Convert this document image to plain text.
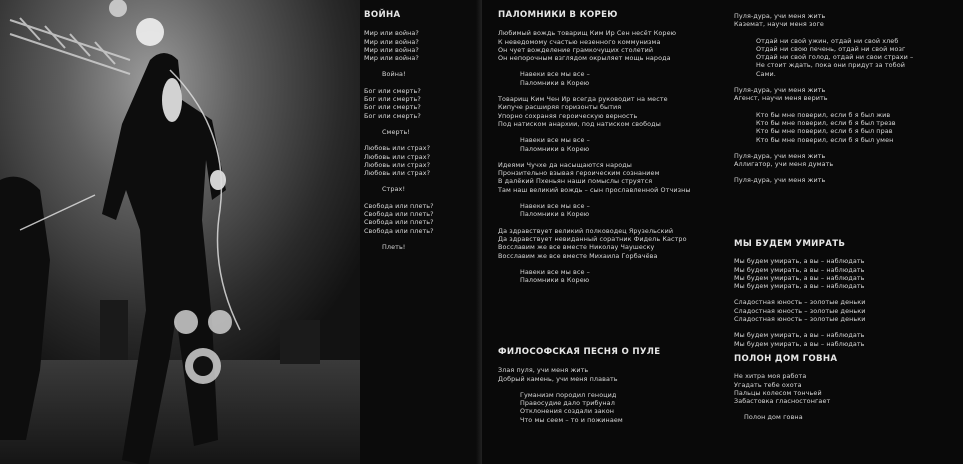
ВОЙНА

Мир или война?

Мир или война?

Мир или война?

Мир или война?

Война!

Бог или смерть?

Бог или смерть?

Бог или смерть?

Бог или смерть?

Смерть!

Любовь или страх?

Любовь или страх?

Любовь или страх?

Любовь или страх?

Страх!

Свобода или плеть?

Свобода или плеть?

Свобода или плеть?

Свобода или плеть?

Плеть!

ПАЛОМНИКИ В КОРЕЮ

Любимый вождь товарищ Ким Ир Сен несёт Корею

К неведомому счастью незенного коммунизма

Он чует вожделение грамкочущих столетий

Он непорочным взглядом окрыляет мощь народа

Навеки все мы все –

Паломники в Корею

Товарищ Ким Чен Ир всегда руководит на месте

Кипуче расширяя горизонты бытия

Упорно сохраняя героическую верность

Под натиском анархии, под натиском свободы

Навеки все мы все –

Паломники в Корею

Идеями Чучхе да насыщаются народы

Пронзительно взывая героическим сознанием

В далёкий Пхеньян наши помыслы струятся

Там наш великий вождь – сын прославленной Отчизны

Навеки все мы все –

Паломники в Корею

Да здравствует великий полководец Ярузельский

Да здравствует невиданный соратник Фидель Кастро

Восславим же все вместе Николау Чаушеску

Восславим же все вместе Михаила Горбачёва

Навеки все мы все –

Паломники в Корею

ФИЛОСОФСКАЯ ПЕСНЯ О ПУЛЕ

Злая пуля, учи меня жить

Добрый камень, учи меня плавать

Гуманизм породил геноцид

Правосудие дало трибунал

Отклонения создали закон

Что мы сеем – то и пожинаем

Пуля-дура, учи меня жить

Каземат, научи меня зоге

Отдай ни свой ужин, отдай ни свой хлеб

Отдай ни свою печень, отдай ни свой мозг

Отдай ни свой голод, отдай ни свои страхи –

Не стоит ждать, пока они придут за тобой

Сами.

Пуля-дура, учи меня жить

Агенст, научи меня верить

Кто бы мне поверил, если б я был жив

Кто бы мне поверил, если б я был трезв

Кто бы мне поверил, если б я был прав

Кто бы мне поверил, если б я был умен

Пуля-дура, учи меня жить

Аллигатор, учи меня думать

Пуля-дура, учи меня жить

МЫ БУДЕМ УМИРАТЬ

Мы будем умирать, а вы – наблюдать

Мы будем умирать, а вы – наблюдать

Мы будем умирать, а вы – наблюдать

Мы будем умирать, а вы – наблюдать

Сладостная юность – золотые деньки

Сладостная юность – золотые деньки

Сладостная юность – золотые деньки

Мы будем умирать, а вы – наблюдать

Мы будем умирать, а вы – наблюдать

ПОЛОН ДОМ ГОВНА

Не хитра моя работа

Угадать тебе охота

Пальцы колесом тончьей

Забастовка гласностонгает

Полон дом говна
